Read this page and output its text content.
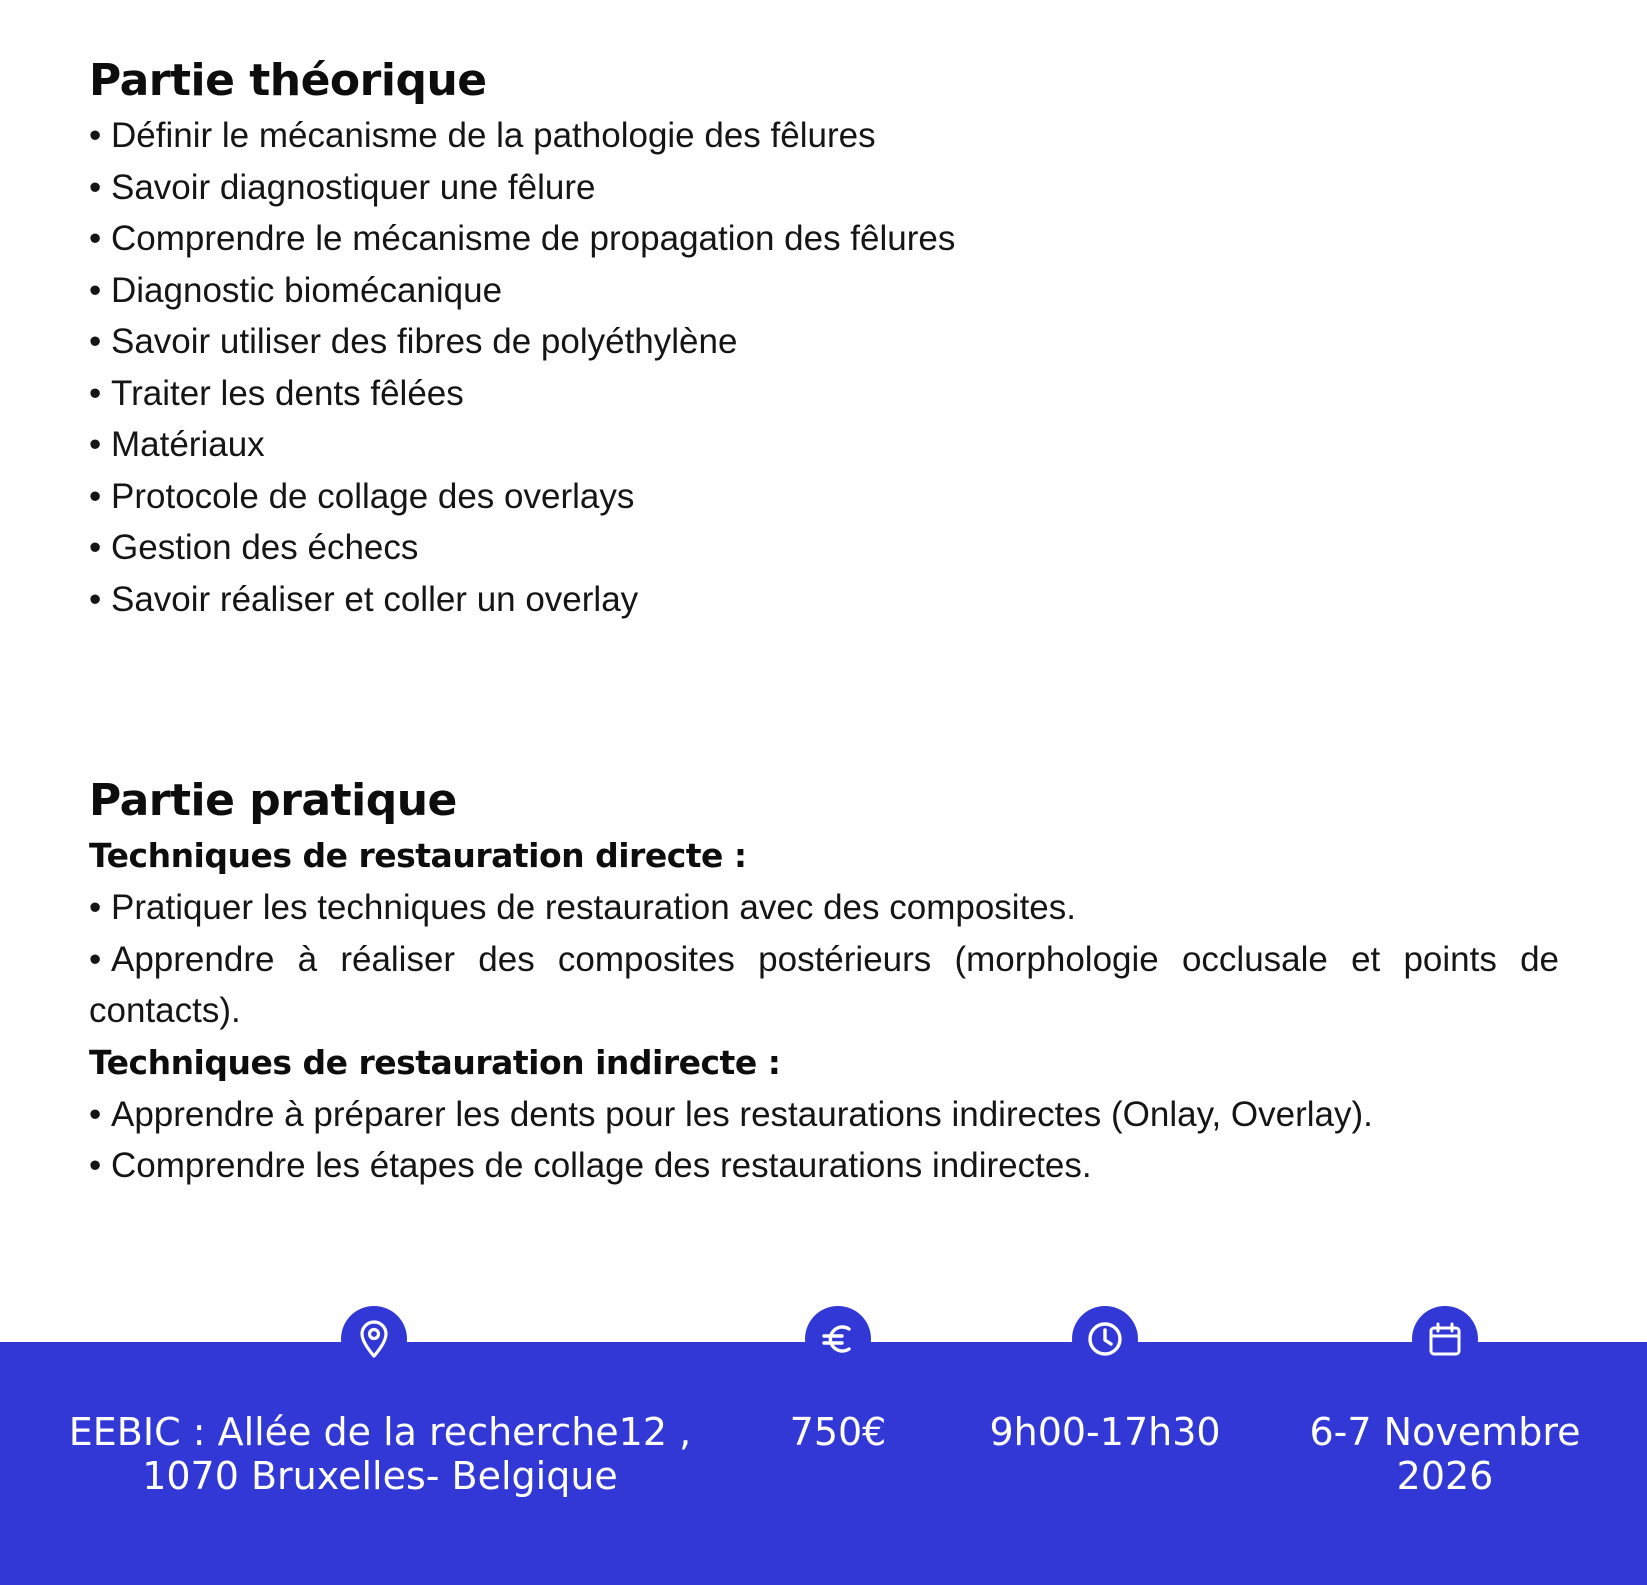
Partie théorique
• Définir le mécanisme de la pathologie des fêlures
• Savoir diagnostiquer une fêlure
• Comprendre le mécanisme de propagation des fêlures
• Diagnostic biomécanique
• Savoir utiliser des fibres de polyéthylène
• Traiter les dents fêlées
• Matériaux
• Protocole de collage des overlays
• Gestion des échecs
• Savoir réaliser et coller un overlay
Partie pratique
Techniques de restauration directe :
• Pratiquer les techniques de restauration avec des composites.
• Apprendre à réaliser des composites postérieurs (morphologie occlusale et points de contacts).
Techniques de restauration indirecte :
• Apprendre à préparer les dents pour les restaurations indirectes (Onlay, Overlay).
• Comprendre les étapes de collage des restaurations indirectes.
EEBIC : Allée de la recherche12 ,
1070 Bruxelles- Belgique
750€	9h00-17h30 6-7 Novembre
2026
